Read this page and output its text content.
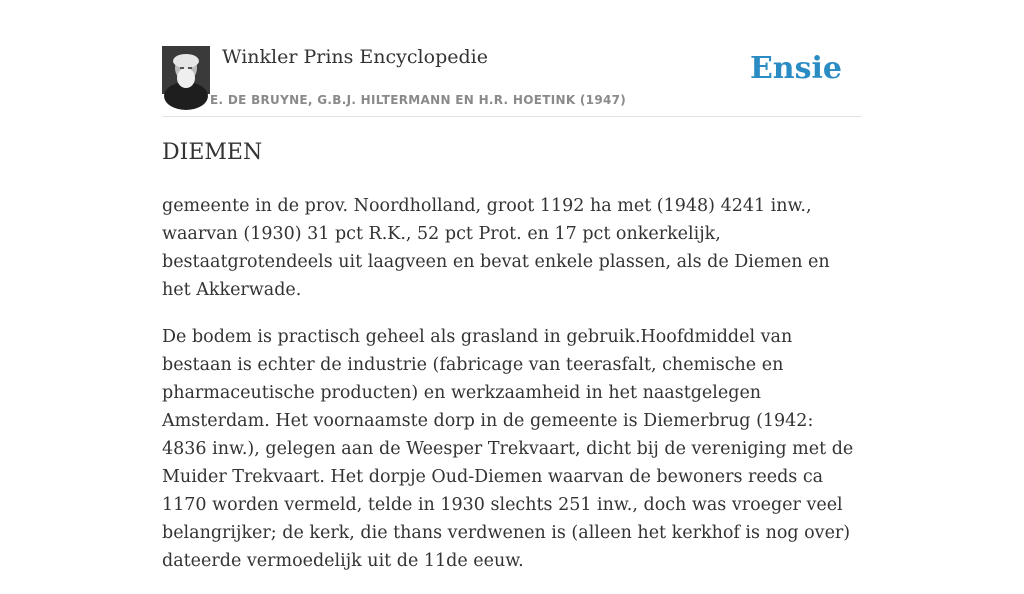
Winkler Prins Encyclopedie
E. DE BRUYNE, G.B.J. HILTERMANN EN H.R. HOETINK (1947)
Ensie
DIEMEN

gemeente in de prov. Noordholland, groot 1192 ha met (1948) 4241 inw., waarvan (1930) 31 pct R.K., 52 pct Prot. en 17 pct onkerkelijk, bestaatgrotendeels uit laagveen en bevat enkele plassen, als de Diemen en het Akkerwade.

De bodem is practisch geheel als grasland in gebruik.Hoofdmiddel van bestaan is echter de industrie (fabricage van teerasfalt, chemische en pharmaceutische producten) en werkzaamheid in het naastgelegen Amsterdam. Het voornaamste dorp in de gemeente is Diemerbrug (1942: 4836 inw.), gelegen aan de Weesper Trekvaart, dicht bij de vereniging met de Muider Trekvaart. Het dorpje Oud-Diemen waarvan de bewoners reeds ca 1170 worden vermeld, telde in 1930 slechts 251 inw., doch was vroeger veel belangrijker; de kerk, die thans verdwenen is (alleen het kerkhof is nog over) dateerde vermoedelijk uit de 11de eeuw.
